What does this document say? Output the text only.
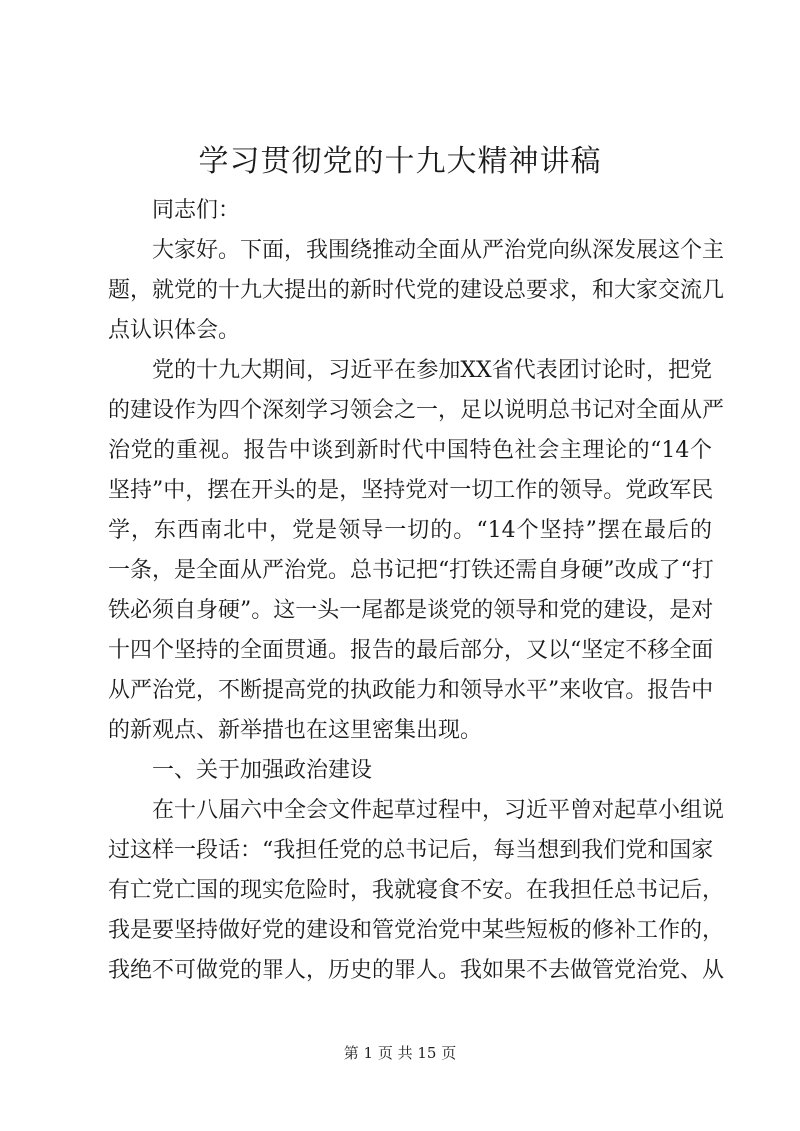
学习贯彻党的十九大精神讲稿

同志们：

大家好。下面，我围绕推动全面从严治党向纵深发展这个主

题，就党的十九大提出的新时代党的建设总要求，和大家交流几

点认识体会。

党的十九大期间，习近平在参加XX省代表团讨论时，把党

的建设作为四个深刻学习领会之一，足以说明总书记对全面从严

治党的重视。报告中谈到新时代中国特色社会主理论的“14个

坚持”中，摆在开头的是，坚持党对一切工作的领导。党政军民

学，东西南北中，党是领导一切的。“14个坚持”摆在最后的

一条，是全面从严治党。总书记把“打铁还需自身硬”改成了“打

铁必须自身硬”。这一头一尾都是谈党的领导和党的建设，是对

十四个坚持的全面贯通。报告的最后部分，又以“坚定不移全面

从严治党，不断提高党的执政能力和领导水平”来收官。报告中

的新观点、新举措也在这里密集出现。

一、关于加强政治建设

在十八届六中全会文件起草过程中，习近平曾对起草小组说

过这样一段话：“我担任党的总书记后，每当想到我们党和国家

有亡党亡国的现实危险时，我就寝食不安。在我担任总书记后，

我是要坚持做好党的建设和管党治党中某些短板的修补工作的，

我绝不可做党的罪人，历史的罪人。我如果不去做管党治党、从

第 1 页 共 15 页
